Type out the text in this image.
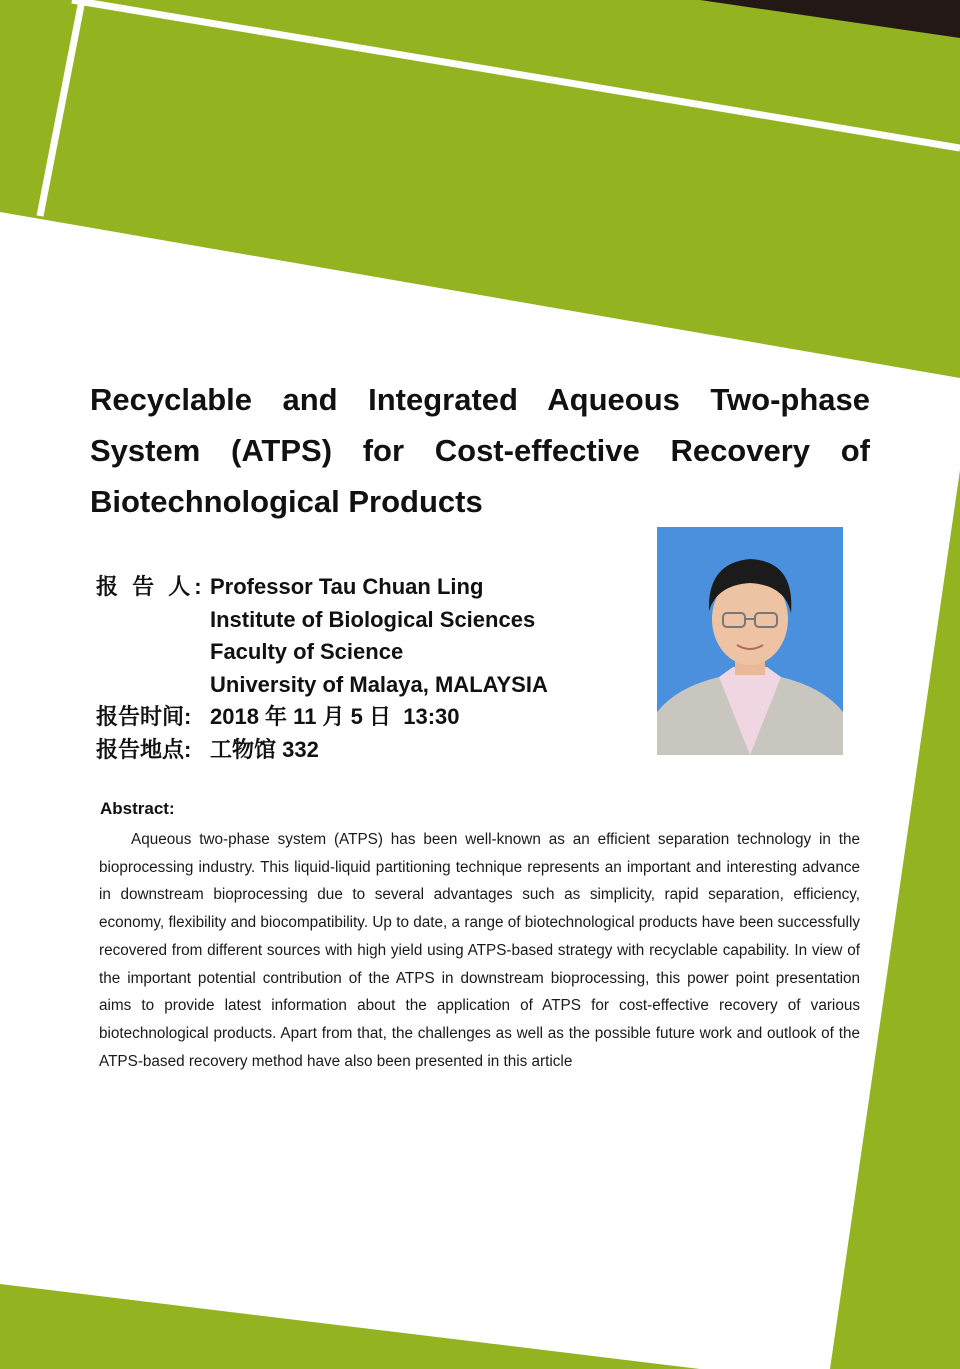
Recyclable and Integrated Aqueous Two-phase System (ATPS) for Cost-effective Recovery of Biotechnological Products
报 告 人: Professor Tau Chuan Ling
Institute of Biological Sciences
Faculty of Science
University of Malaya, MALAYSIA
报告时间: 2018 年 11 月 5 日  13:30
报告地点: 工物馆 332
Abstract:

Aqueous two-phase system (ATPS) has been well-known as an efficient separation technology in the bioprocessing industry. This liquid-liquid partitioning technique represents an important and interesting advance in downstream bioprocessing due to several advantages such as simplicity, rapid separation, efficiency, economy, flexibility and biocompatibility. Up to date, a range of biotechnological products have been successfully recovered from different sources with high yield using ATPS-based strategy with recyclable capability. In view of the important potential contribution of the ATPS in downstream bioprocessing, this power point presentation aims to provide latest information about the application of ATPS for cost-effective recovery of various biotechnological products. Apart from that, the challenges as well as the possible future work and outlook of the ATPS-based recovery method have also been presented in this article
